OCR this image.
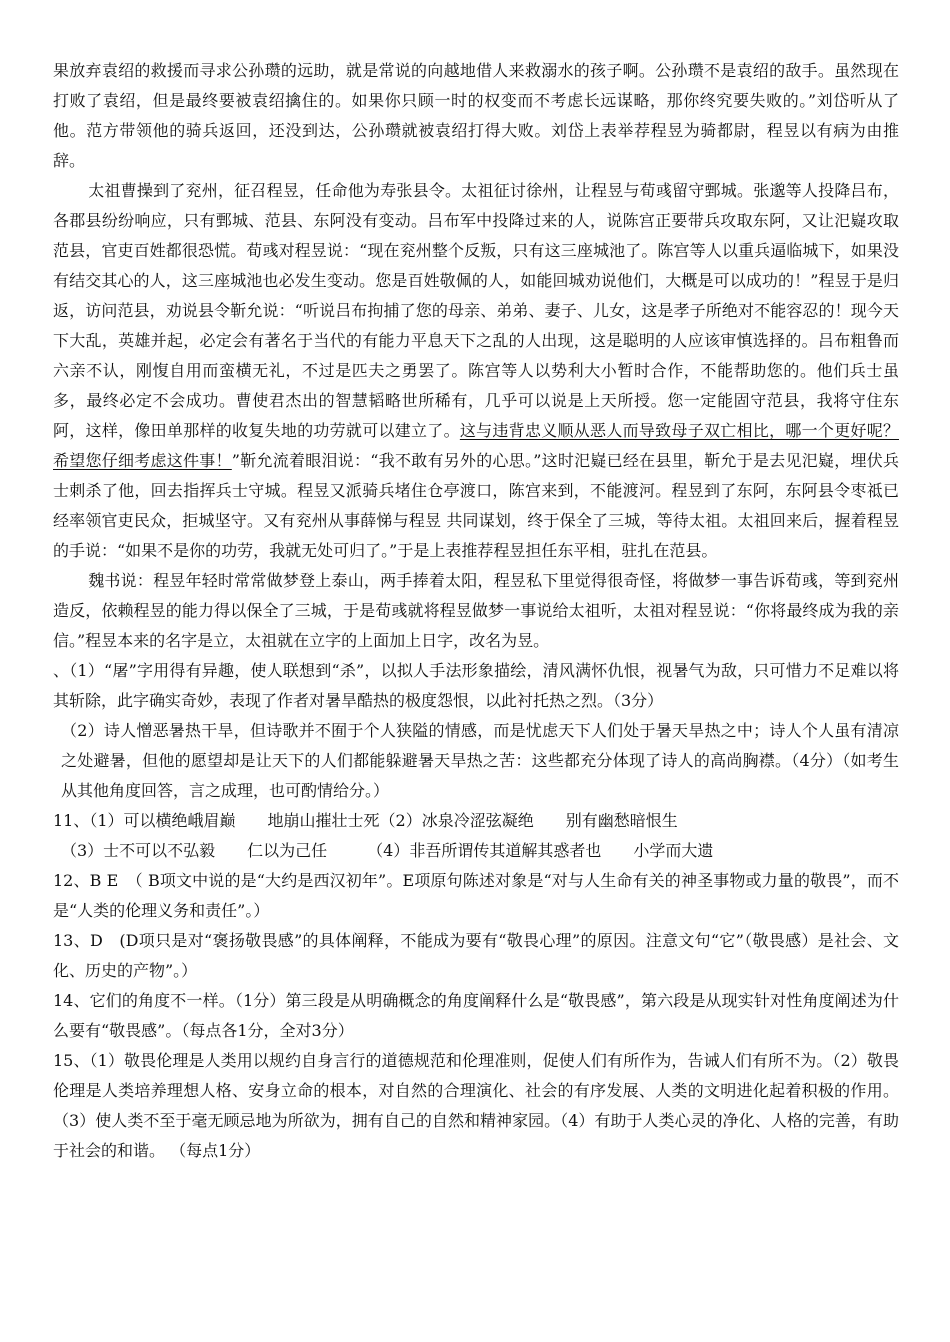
果放弃袁绍的救援而寻求公孙瓒的远助，就是常说的向越地借人来救溺水的孩子啊。公孙瓒不是袁绍的敌手。虽然现在打败了袁绍，但是最终要被袁绍擒住的。如果你只顾一时的权变而不考虑长远谋略，那你终究要失败的。”刘岱听从了他。范方带领他的骑兵返回，还没到达，公孙瓒就被袁绍打得大败。刘岱上表举荐程昱为骑都尉，程昱以有病为由推辞。

太祖曹操到了兖州，征召程昱，任命他为寿张县令。太祖征讨徐州，让程昱与荀彧留守鄄城。张邈等人投降吕布，各郡县纷纷响应，只有鄄城、范县、东阿没有变动。吕布军中投降过来的人，说陈宫正要带兵攻取东阿，又让汜嶷攻取范县，官吏百姓都很恐慌。荀彧对程昱说：“现在兖州整个反叛，只有这三座城池了。陈宫等人以重兵逼临城下，如果没有结交其心的人，这三座城池也必发生变动。您是百姓敬佩的人，如能回城劝说他们，大概是可以成功的！”程昱于是归返，访问范县，劝说县令靳允说：“听说吕布拘捕了您的母亲、弟弟、妻子、儿女，这是孝子所绝对不能容忍的！现今天下大乱，英雄并起，必定会有著名于当代的有能力平息天下之乱的人出现，这是聪明的人应该审慎选择的。吕布粗鲁而六亲不认，刚愎自用而蛮横无礼，不过是匹夫之勇罢了。陈宫等人以势利大小暂时合作，不能帮助您的。他们兵士虽多，最终必定不会成功。曹使君杰出的智慧韬略世所稀有，几乎可以说是上天所授。您一定能固守范县，我将守住东阿，这样，像田单那样的收复失地的功劳就可以建立了。这与违背忠义顺从恶人而导致母子双亡相比，哪一个更好呢？希望您仔细考虑这件事！”靳允流着眼泪说：“我不敢有另外的心思。”这时汜嶷已经在县里，靳允于是去见汜嶷，埋伏兵士刺杀了他，回去指挥兵士守城。程昱又派骑兵堵住仓亭渡口，陈宫来到，不能渡河。程昱到了东阿，东阿县令枣祗已经率领官吏民众，拒城坚守。又有兖州从事薛悌与程昱 共同谋划，终于保全了三城，等待太祖。太祖回来后，握着程昱的手说：“如果不是你的功劳，我就无处可归了。”于是上表推荐程昱担任东平相，驻扎在范县。

魏书说：程昱年轻时常常做梦登上泰山，两手捧着太阳，程昱私下里觉得很奇怪，将做梦一事告诉荀彧，等到兖州造反，依赖程昱的能力得以保全了三城，于是荀彧就将程昱做梦一事说给太祖听，太祖对程昱说：“你将最终成为我的亲信。”程昱本来的名字是立，太祖就在立字的上面加上日字，改名为昱。

、（1）“屠”字用得有异趣，使人联想到“杀”，以拟人手法形象描绘，清风满怀仇恨，视暑气为敌，只可惜力不足难以将其斩除，此字确实奇妙，表现了作者对暑旱酷热的极度怨恨，以此衬托热之烈。（3分）

（2）诗人憎恶暑热干旱，但诗歌并不囿于个人狭隘的情感，而是忧虑天下人们处于暑天旱热之中；诗人个人虽有清凉之处避暑，但他的愿望却是让天下的人们都能躲避暑天旱热之苦：这些都充分体现了诗人的高尚胸襟。（4分）（如考生从其他角度回答，言之成理，也可酌情给分。）

11、（1）可以横绝峨眉巅　　地崩山摧壮士死（2）冰泉冷涩弦凝绝　　别有幽愁暗恨生

（3）士不可以不弘毅　　仁以为己任　　　（4）非吾所谓传其道解其惑者也　　小学而大遗

12、B E　（ B项文中说的是“大约是西汉初年”。E项原句陈述对象是“对与人生命有关的神圣事物或力量的敬畏”，而不是“人类的伦理义务和责任”。）

13、D　(D项只是对“褒扬敬畏感”的具体阐释，不能成为要有“敬畏心理”的原因。注意文句“它”（敬畏感）是社会、文化、历史的产物”。）

14、它们的角度不一样。（1分）第三段是从明确概念的角度阐释什么是“敬畏感”，第六段是从现实针对性角度阐述为什么要有“敬畏感”。（每点各1分，全对3分）

15、（1）敬畏伦理是人类用以规约自身言行的道德规范和伦理准则，促使人们有所作为，告诫人们有所不为。（2）敬畏伦理是人类培养理想人格、安身立命的根本，对自然的合理演化、社会的有序发展、人类的文明进化起着积极的作用。（3）使人类不至于毫无顾忌地为所欲为，拥有自己的自然和精神家园。（4）有助于人类心灵的净化、人格的完善，有助于社会的和谐。 （每点1分）
